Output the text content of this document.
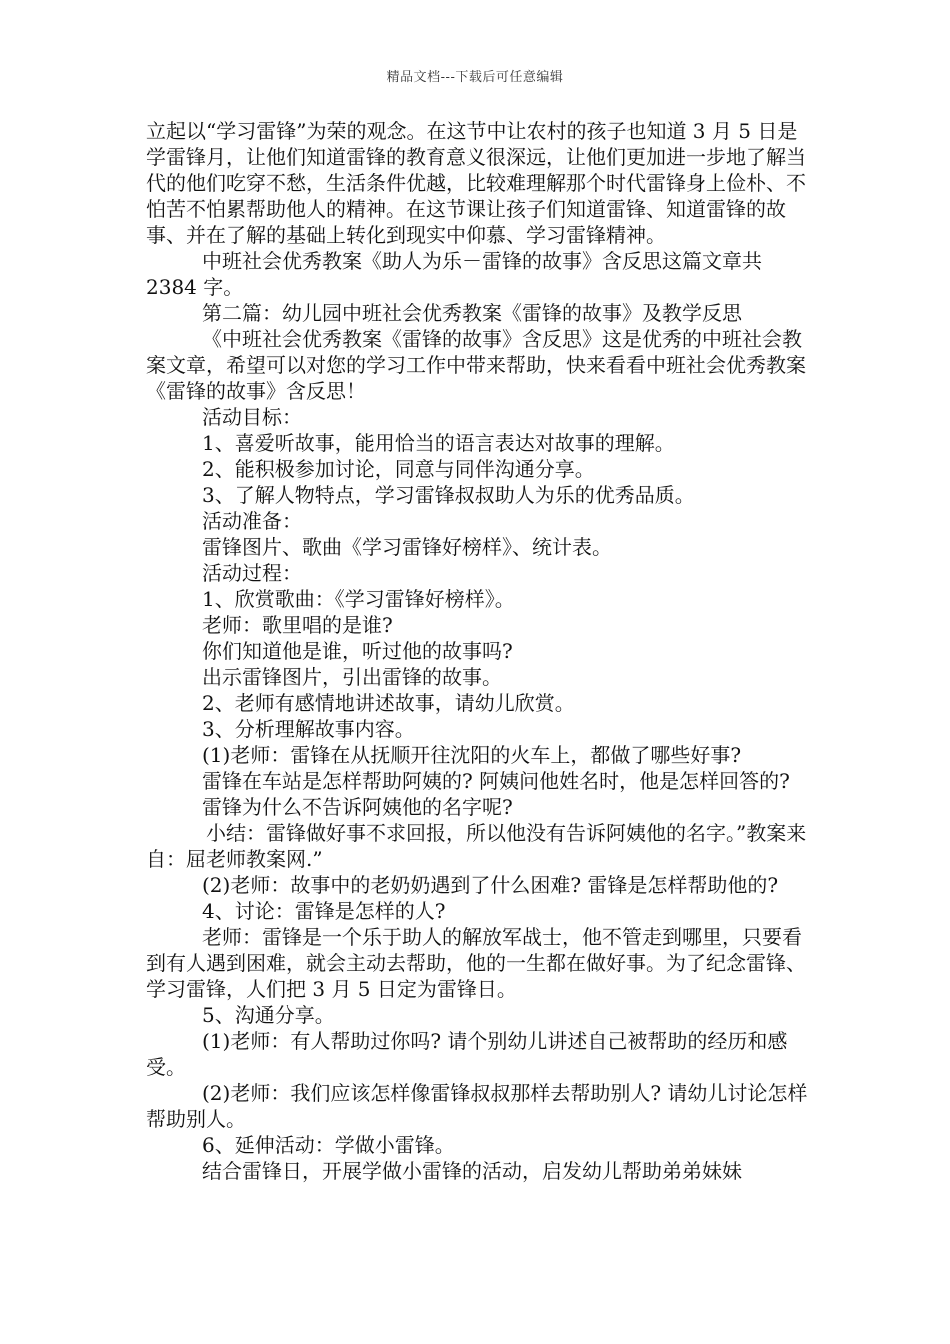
精品文档---下载后可任意编辑

立起以“学习雷锋”为荣的观念。在这节中让农村的孩子也知道 3 月 5 日是学雷锋月，让他们知道雷锋的教育意义很深远，让他们更加进一步地了解当代的他们吃穿不愁，生活条件优越，比较难理解那个时代雷锋身上俭朴、不怕苦不怕累帮助他人的精神。在这节课让孩子们知道雷锋、知道雷锋的故事、并在了解的基础上转化到现实中仰慕、学习雷锋精神。

中班社会优秀教案《助人为乐－雷锋的故事》含反思这篇文章共 2384 字。

第二篇：幼儿园中班社会优秀教案《雷锋的故事》及教学反思

《中班社会优秀教案《雷锋的故事》含反思》这是优秀的中班社会教案文章，希望可以对您的学习工作中带来帮助，快来看看中班社会优秀教案《雷锋的故事》含反思！

活动目标：

1、喜爱听故事，能用恰当的语言表达对故事的理解。

2、能积极参加讨论，同意与同伴沟通分享。

3、了解人物特点，学习雷锋叔叔助人为乐的优秀品质。

活动准备：

雷锋图片、歌曲《学习雷锋好榜样》、统计表。

活动过程：

1、欣赏歌曲：《学习雷锋好榜样》。

老师：歌里唱的是谁?

你们知道他是谁，听过他的故事吗?

出示雷锋图片，引出雷锋的故事。

2、老师有感情地讲述故事，请幼儿欣赏。

3、分析理解故事内容。

(1)老师：雷锋在从抚顺开往沈阳的火车上，都做了哪些好事?

雷锋在车站是怎样帮助阿姨的? 阿姨问他姓名时，他是怎样回答的?

雷锋为什么不告诉阿姨他的名字呢?

小结：雷锋做好事不求回报，所以他没有告诉阿姨他的名字。”教案来自：屈老师教案网.”

(2)老师：故事中的老奶奶遇到了什么困难? 雷锋是怎样帮助他的?

4、讨论：雷锋是怎样的人?

老师：雷锋是一个乐于助人的解放军战士，他不管走到哪里，只要看到有人遇到困难，就会主动去帮助，他的一生都在做好事。为了纪念雷锋、学习雷锋，人们把 3 月 5 日定为雷锋日。

5、沟通分享。

(1)老师：有人帮助过你吗? 请个别幼儿讲述自己被帮助的经历和感受。

(2)老师：我们应该怎样像雷锋叔叔那样去帮助别人? 请幼儿讨论怎样帮助别人。

6、延伸活动：学做小雷锋。

结合雷锋日，开展学做小雷锋的活动，启发幼儿帮助弟弟妹妹
